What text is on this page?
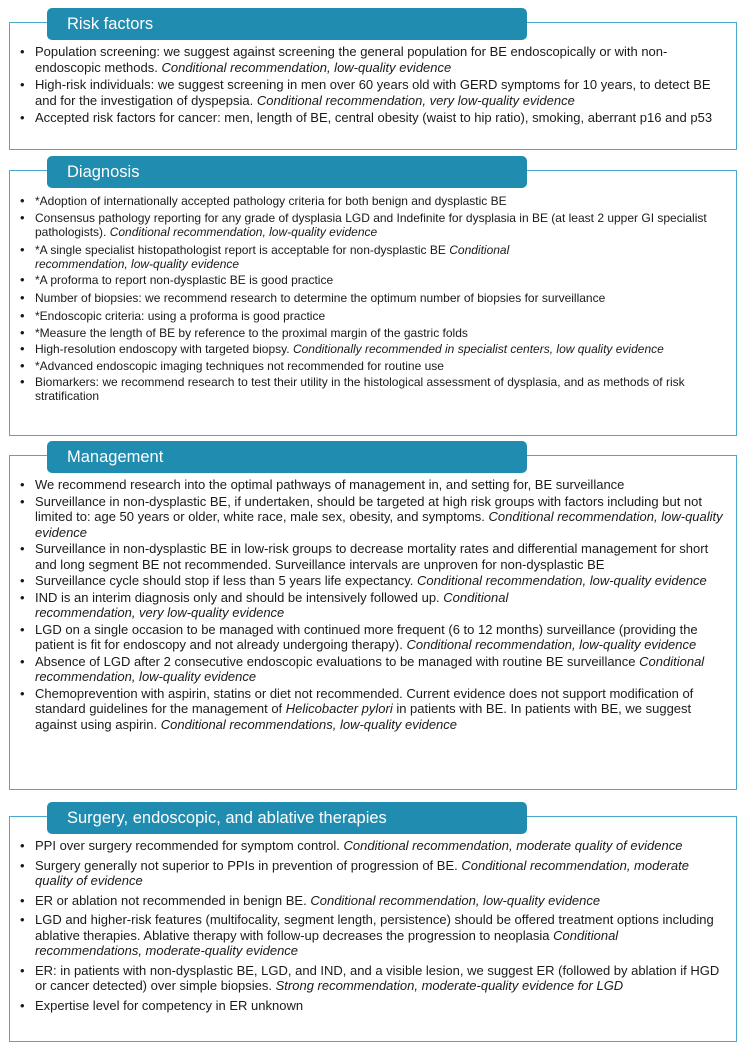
Risk factors
• Population screening: we suggest against screening the general population for BE endoscopically or with non-endoscopic methods. Conditional recommendation, low-quality evidence
• High-risk individuals: we suggest screening in men over 60 years old with GERD symptoms for 10 years, to detect BE and for the investigation of dyspepsia. Conditional recommendation, very low-quality evidence
• Accepted risk factors for cancer: men, length of BE, central obesity (waist to hip ratio), smoking, aberrant p16 and p53
Diagnosis
• *Adoption of internationally accepted pathology criteria for both benign and dysplastic BE
• Consensus pathology reporting for any grade of dysplasia LGD and Indefinite for dysplasia in BE (at least 2 upper GI specialist pathologists). Conditional recommendation, low-quality evidence
• *A single specialist histopathologist report is acceptable for non-dysplastic BE Conditional recommendation, low-quality evidence
• *A proforma to report non-dysplastic BE is good practice
• Number of biopsies: we recommend research to determine the optimum number of biopsies for surveillance
• *Endoscopic criteria: using a proforma is good practice
• *Measure the length of BE by reference to the proximal margin of the gastric folds
• High-resolution endoscopy with targeted biopsy. Conditionally recommended in specialist centers, low quality evidence
• *Advanced endoscopic imaging techniques not recommended for routine use
• Biomarkers: we recommend research to test their utility in the histological assessment of dysplasia, and as methods of risk stratification
Management
• We recommend research into the optimal pathways of management in, and setting for, BE surveillance
• Surveillance in non-dysplastic BE, if undertaken, should be targeted at high risk groups with factors including but not limited to: age 50 years or older, white race, male sex, obesity, and symptoms. Conditional recommendation, low-quality evidence
• Surveillance in non-dysplastic BE in low-risk groups to decrease mortality rates and differential management for short and long segment BE not recommended. Surveillance intervals are unproven for non-dysplastic BE
• Surveillance cycle should stop if less than 5 years life expectancy. Conditional recommendation, low-quality evidence
• IND is an interim diagnosis only and should be intensively followed up. Conditional recommendation, very low-quality evidence
• LGD on a single occasion to be managed with continued more frequent (6 to 12 months) surveillance (providing the patient is fit for endoscopy and not already undergoing therapy). Conditional recommendation, low-quality evidence
• Absence of LGD after 2 consecutive endoscopic evaluations to be managed with routine BE surveillance Conditional recommendation, low-quality evidence
• Chemoprevention with aspirin, statins or diet not recommended. Current evidence does not support modification of standard guidelines for the management of Helicobacter pylori in patients with BE. In patients with BE, we suggest against using aspirin. Conditional recommendations, low-quality evidence
Surgery, endoscopic, and ablative therapies
• PPI over surgery recommended for symptom control. Conditional recommendation, moderate quality of evidence
• Surgery generally not superior to PPIs in prevention of progression of BE. Conditional recommendation, moderate quality of evidence
• ER or ablation not recommended in benign BE. Conditional recommendation, low-quality evidence
• LGD and higher-risk features (multifocality, segment length, persistence) should be offered treatment options including ablative therapies. Ablative therapy with follow-up decreases the progression to neoplasia Conditional recommendations, moderate-quality evidence
• ER: in patients with non-dysplastic BE, LGD, and IND, and a visible lesion, we suggest ER (followed by ablation if HGD or cancer detected) over simple biopsies. Strong recommendation, moderate-quality evidence for LGD
• Expertise level for competency in ER unknown
